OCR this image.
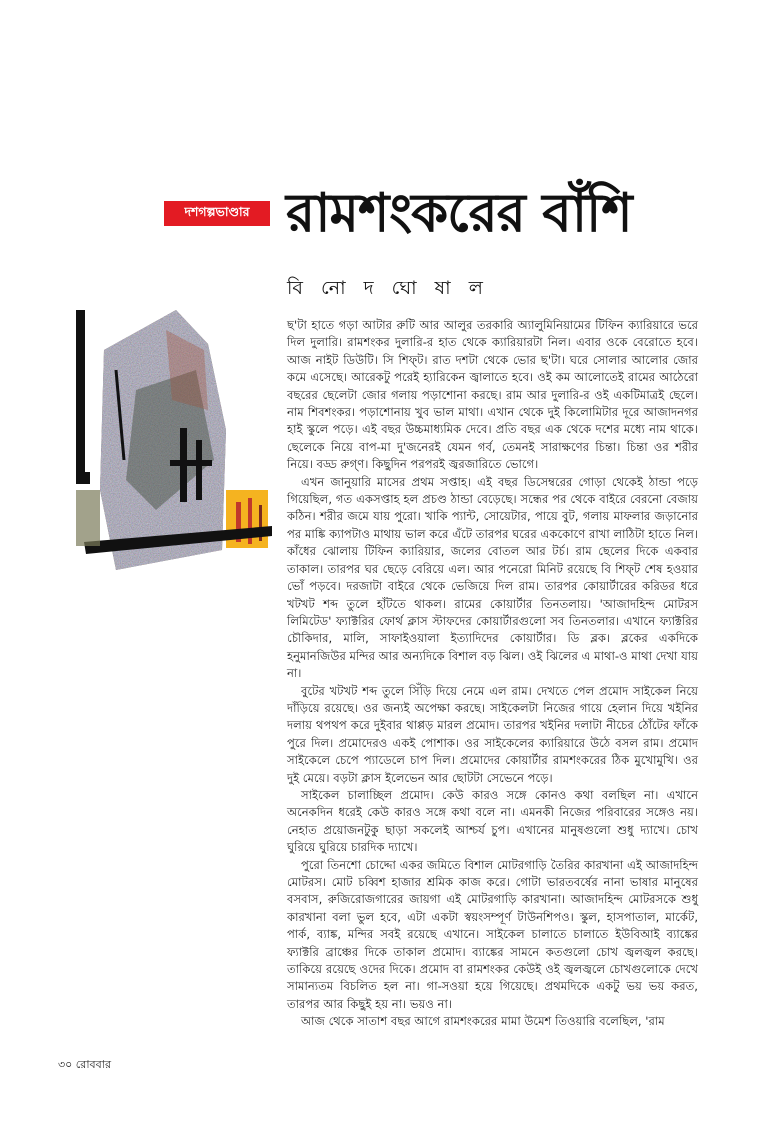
দশগল্পভাণ্ডার রামশংকরের বাঁশি
বি নো দ ঘো ষা ল

ছ'টা হাতে গড়া আটার রুটি আর আলুর তরকারি অ্যালুমিনিয়ামের টিফিন ক্যারিয়ারে ভরে দিল দুলারি। রামশংকর দুলারি-র হাত থেকে ক্যারিয়ারটা নিল। এবার ওকে বেরোতে হবে। আজ নাইট ডিউটি। সি শিফ্‌ট। রাত দশটা থেকে ভোর ছ'টা। ঘরে সোলার আলোর জোর কমে এসেছে। আরেকটু পরেই হ্যারিকেন জ্বালাতে হবে। ওই কম আলোতেই রামের আঠেরো বছরের ছেলেটা জোর গলায় পড়াশোনা করছে। রাম আর দুলারি-র ওই একটিমাত্রই ছেলে। নাম শিবশংকর। পড়াশোনায় খুব ভাল মাথা। এখান থেকে দুই কিলোমিটার দূরে আজাদনগর হাই স্কুলে পড়ে। এই বছর উচ্চমাধ্যমিক দেবে। প্রতি বছর এক থেকে দশের মধ্যে নাম থাকে। ছেলেকে নিয়ে বাপ-মা দু'জনেরই যেমন গর্ব, তেমনই সারাক্ষণের চিন্তা। চিন্তা ওর শরীর নিয়ে। বড্ড রুগ্‌ণ। কিছুদিন পরপরই জ্বরজারিতে ভোগে।

এখন জানুয়ারি মাসের প্রথম সপ্তাহ। এই বছর ডিসেম্বরের গোড়া থেকেই ঠান্ডা পড়ে গিয়েছিল, গত একসপ্তাহ হল প্রচণ্ড ঠান্ডা বেড়েছে। সন্ধের পর থেকে বাইরে বেরনো বেজায় কঠিন। শরীর জমে যায় পুরো। খাকি প্যান্ট, সোয়েটার, পায়ে বুট, গলায় মাফলার জড়ানোর পর মাঙ্কি ক্যাপটাও মাথায় ভাল করে এঁটে তারপর ঘরের এককোণে রাখা লাঠিটা হাতে নিল। কাঁধের ঝোলায় টিফিন ক্যারিয়ার, জলের বোতল আর টর্চ। রাম ছেলের দিকে একবার তাকাল। তারপর ঘর ছেড়ে বেরিয়ে এল। আর পনেরো মিনিট রয়েছে বি শিফ্‌ট শেষ হওয়ার ভোঁ পড়বে। দরজাটা বাইরে থেকে ভেজিয়ে দিল রাম। তারপর কোয়ার্টারের করিডর ধরে খটখট শব্দ তুলে হাঁটতে থাকল। রামের কোয়ার্টার তিনতলায়। 'আজাদহিন্দ মোটরস লিমিটেড' ফ্যাক্টরির ফোর্থ ক্লাস স্টাফদের কোয়ার্টারগুলো সব তিনতলার। এখানে ফ্যাক্টরির চৌকিদার, মালি, সাফাইওয়ালা ইত্যাদিদের কোয়ার্টার। ডি ব্লক। ব্লকের একদিকে হনুমানজিউর মন্দির আর অন্যদিকে বিশাল বড় ঝিল। ওই ঝিলের এ মাথা-ও মাথা দেখা যায় না।

বুটের খটখট শব্দ তুলে সিঁড়ি দিয়ে নেমে এল রাম। দেখতে পেল প্রমোদ সাইকেল নিয়ে দাঁড়িয়ে রয়েছে। ওর জন্যই অপেক্ষা করছে। সাইকেলটা নিজের গায়ে হেলান দিয়ে খইনির দলায় থপথপ করে দুইবার থাপ্পড় মারল প্রমোদ। তারপর খইনির দলাটা নীচের ঠোঁটের ফাঁকে পুরে দিল। প্রমোদেরও একই পোশাক। ওর সাইকেলের ক্যারিয়ারে উঠে বসল রাম। প্রমোদ সাইকেলে চেপে প্যাডেলে চাপ দিল। প্রমোদের কোয়ার্টার রামশংকরের ঠিক মুখোমুখি। ওর দুই মেয়ে। বড়টা ক্লাস ইলেভেন আর ছোটটা সেভেনে পড়ে।

সাইকেল চালাচ্ছিল প্রমোদ। কেউ কারও সঙ্গে কোনও কথা বলছিল না। এখানে অনেকদিন ধরেই কেউ কারও সঙ্গে কথা বলে না। এমনকী নিজের পরিবারের সঙ্গেও নয়। নেহাত প্রয়োজনটুকু ছাড়া সকলেই আশ্চর্য চুপ। এখানের মানুষগুলো শুধু দ্যাখে। চোখ ঘুরিয়ে ঘুরিয়ে চারদিক দ্যাখে।

পুরো তিনশো চোদ্দো একর জমিতে বিশাল মোটরগাড়ি তৈরির কারখানা এই আজাদহিন্দ মোটরস। মোট চব্বিশ হাজার শ্রমিক কাজ করে। গোটা ভারতবর্ষের নানা ভাষার মানুষের বসবাস, রুজিরোজগারের জায়গা এই মোটরগাড়ি কারখানা। আজাদহিন্দ মোটরসকে শুধু কারখানা বলা ভুল হবে, এটা একটা স্বয়ংসম্পূর্ণ টাউনশিপও। স্কুল, হাসপাতাল, মার্কেট, পার্ক, ব্যাঙ্ক, মন্দির সবই রয়েছে এখানে। সাইকেল চালাতে চালাতে ইউবিআই ব্যাঙ্কের ফ্যাক্টরি ব্রাঞ্চের দিকে তাকাল প্রমোদ। ব্যাঙ্কের সামনে কতগুলো চোখ জ্বলজ্বল করছে। তাকিয়ে রয়েছে ওদের দিকে। প্রমোদ বা রামশংকর কেউই ওই জ্বলজ্বলে চোখগুলোকে দেখে সামান্যতম বিচলিত হল না। গা-সওয়া হয়ে গিয়েছে। প্রথমদিকে একটু ভয় ভয় করত, তারপর আর কিছুই হয় না। ভয়ও না।

আজ থেকে সাতাশ বছর আগে রামশংকরের মামা উমেশ তিওয়ারি বলেছিল, 'রাম

৩০ রোববার
